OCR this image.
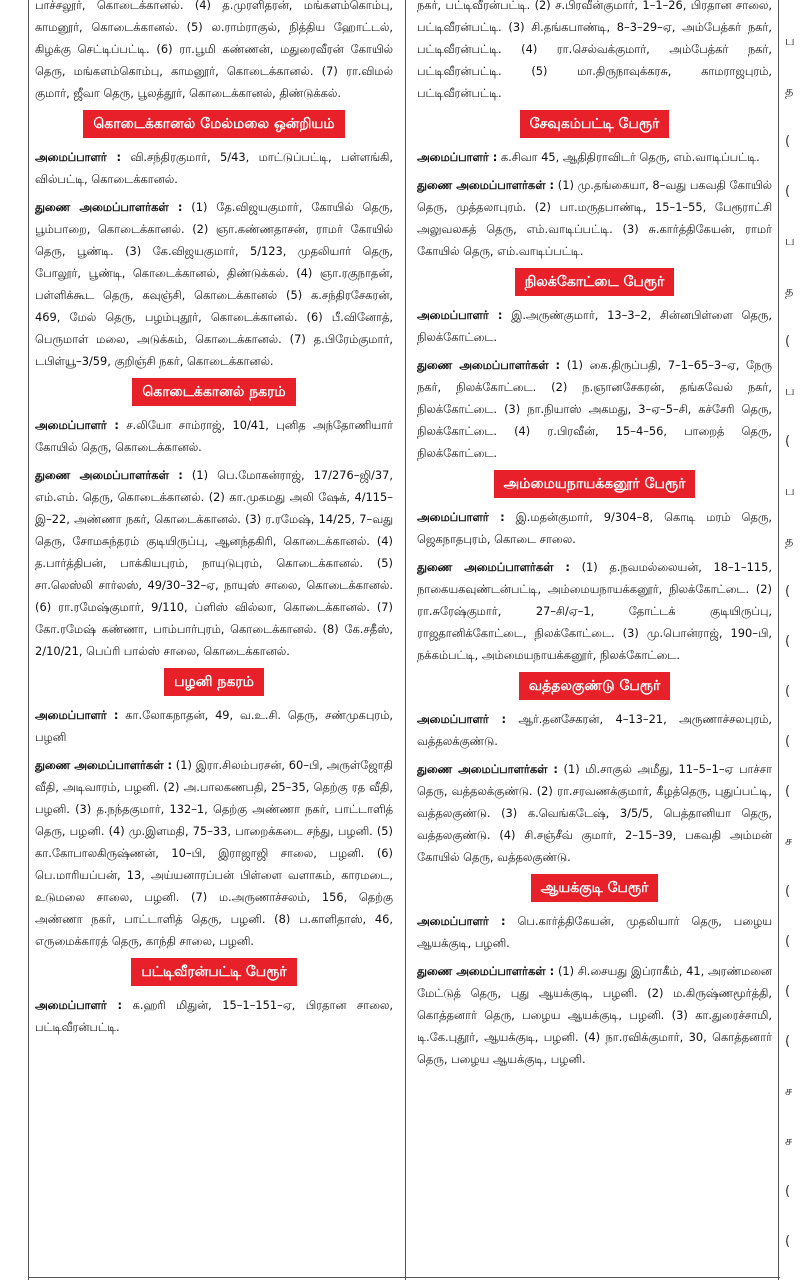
பாச்சலூர், கொடைக்கானல். (4) த.முரளிதரன், மங்களம்கொம்பு, காமனூர், கொடைக்கானல். (5) ல.ராம்ராகுல், நித்திய ஹோட்டல், கிழக்கு செட்டிப்பட்டி. (6) ரா.பூமி கண்ணன், மதுரைவீரன் கோயில் தெரு, மங்களம்கொம்பு, காமனூர், கொடைக்கானல். (7) ரா.விமல் குமார், ஜீவா தெரு, பூலத்தூர், கொடைக்கானல், திண்டுக்கல்.

கொடைக்கானல் மேல்மலை ஒன்றியம்

அமைப்பாளர் : வி.சந்திரகுமார், 5/43, மாட்டுப்பட்டி, பள்ளங்கி, வில்பட்டி, கொடைக்கானல்.

துணை அமைப்பாளர்கள் : (1) தே.விஜயகுமார், கோயில் தெரு, பூம்பாறை, கொடைக்கானல். (2) ஞா.கண்ணதாசன், ராமர் கோயில் தெரு, பூண்டி. (3) கே.விஜயகுமார், 5/123, முதலியார் தெரு, போலூர், பூண்டி, கொடைக்கானல், திண்டுக்கல். (4) ஞா.ரகுநாதன், பள்ளிக்கூட தெரு, கவுஞ்சி, கொடைக்கானல் (5) க.சந்திரசேகரன், 469, மேல் தெரு, பழம்புதூர், கொடைக்கானல். (6) பீ.வினோத், பெருமாள் மலை, அடுக்கம், கொடைக்கானல். (7) த.பிரேம்குமார், டபிள்யூ–3/59, குறிஞ்சி நகர், கொடைக்கானல்.

கொடைக்கானல் நகரம்

அமைப்பாளர் : ச.லியோ சாம்ராஜ், 10/41, புனித அந்தோணியார் கோயில் தெரு, கொடைக்கானல்.

துணை அமைப்பாளர்கள் : (1) பெ.மோகன்ராஜ், 17/276–ஜி/37, எம்.எம். தெரு, கொடைக்கானல். (2) கா.முகமது அலி ஷேக், 4/115–இ–22, அண்ணா நகர், கொடைக்கானல். (3) ர.ரமேஷ், 14/25, 7–வது தெரு, சோமசுந்தரம் குடியிருப்பு, ஆனந்தகிரி, கொடைக்கானல். (4) த.பார்த்திபன், பாக்கியபுரம், நாயுடுபுரம், கொடைக்கானல். (5) சா.லெஸ்லி சார்லஸ், 49/30–32–ஏ, நாயுஸ் சாலை, கொடைக்கானல். (6) ரா.ரமேஷ்குமார், 9/110, ப்ளிஸ் வில்லா, கொடைக்கானல். (7) கோ.ரமேஷ் கண்ணா, பாம்பார்புரம், கொடைக்கானல். (8) கே.சதீஸ், 2/10/21, பெப்ரி பால்ஸ் சாலை, கொடைக்கானல்.

பழனி நகரம்

அமைப்பாளர் : கா.லோகநாதன், 49, வ.உ.சி. தெரு, சண்முகபுரம், பழனி

துணை அமைப்பாளர்கள் : (1) இரா.சிலம்பரசன், 60–பி, அருள்ஜோதி வீதி, அடிவாரம், பழனி. (2) அ.பாலகணபதி, 25–35, தெற்கு ரத வீதி, பழனி. (3) த.நந்தகுமார், 132–1, தெற்கு அண்ணா நகர், பாட்டாளித் தெரு, பழனி. (4) மு.இளமதி, 75–33, பாறைக்கடை சந்து, பழனி. (5) கா.கோபாலகிருஷ்ணன், 10–பி, இராஜாஜி சாலை, பழனி. (6) பெ.மாரியப்பன், 13, அய்யனாரப்பன் பிள்ளை வளாகம், காரமடை, உடுமலை சாலை, பழனி. (7) ம.அருணாச்சலம், 156, தெற்கு அண்ணா நகர், பாட்டாளித் தெரு, பழனி. (8) ப.காளிதாஸ், 46, எருமைக்காரத் தெரு, காந்தி சாலை, பழனி.

பட்டிவீரன்பட்டி பேரூர்

அமைப்பாளர் : க.ஹரி மிதுன், 15–1–151–ஏ, பிரதான சாலை, பட்டிவீரன்பட்டி.

நகர், பட்டிவீரன்பட்டி. (2) ச.பிரவீன்குமார், 1–1–26, பிரதான சாலை, பட்டிவீரன்பட்டி. (3) சி.தங்கபாண்டி, 8–3–29–ஏ, அம்பேத்கர் நகர், பட்டிவீரன்பட்டி. (4) ரா.செல்வக்குமார், அம்பேத்கர் நகர், பட்டிவீரன்பட்டி. (5) மா.திருநாவுக்கரசு, காமராஜபுரம், பட்டிவீரன்பட்டி.

சேவுகம்பட்டி பேரூர்

அமைப்பாளர் : க.சிவா 45, ஆதிதிராவிடர் தெரு, எம்.வாடிப்பட்டி.

துணை அமைப்பாளர்கள் : (1) மு.தங்கையா, 8–வது பகவதி கோயில் தெரு, முத்தலாபுரம். (2) பா.மருதபாண்டி, 15–1–55, பேரூராட்சி அலுவலகத் தெரு, எம்.வாடிப்பட்டி. (3) சு.கார்த்திகேயன், ராமர் கோயில் தெரு, எம்.வாடிப்பட்டி.

நிலக்கோட்டை பேரூர்

அமைப்பாளர் : இ.அருண்குமார், 13–3–2, சின்னபிள்ளை தெரு, நிலக்கோட்டை.

துணை அமைப்பாளர்கள் : (1) கை.திருப்பதி, 7–1–65–3–ஏ, நேரு நகர், நிலக்கோட்டை. (2) ந.ஞானசேகரன், தங்கவேல் நகர், நிலக்கோட்டை. (3) நா.நியாஸ் அகமது, 3–ஏ–5–சி, கச்சேரி தெரு, நிலக்கோட்டை. (4) ர.பிரவீன், 15–4–56, பாறைத் தெரு, நிலக்கோட்டை.

அம்மையநாயக்கனூர் பேரூர்

அமைப்பாளர் : இ.மதன்குமார், 9/304–8, கொடி மரம் தெரு, ஜெகநாதபுரம், கொடை சாலை.

துணை அமைப்பாளர்கள் : (1) த.நவமல்லையன், 18–1–115, நாகையகவுண்டன்பட்டி, அம்மையநாயக்கனூர், நிலக்கோட்டை. (2) ரா.சுரேஷ்குமார், 27–சி/ஏ–1, தோட்டக் குடியிருப்பு, ராஜதானிக்கோட்டை, நிலக்கோட்டை. (3) மு.பொன்ராஜ், 190–பி, நக்கம்பட்டி, அம்மையநாயக்கனூர், நிலக்கோட்டை.

வத்தலகுண்டு பேரூர்

அமைப்பாளர் : ஆர்.தனசேகரன், 4–13–21, அருணாச்சலபுரம், வத்தலக்குண்டு.

துணை அமைப்பாளர்கள் : (1) மி.சாகுல் அமீது, 11–5–1–ஏ பாச்சா தெரு, வத்தலக்குண்டு. (2) ரா.சரவணக்குமார், கீழத்தெரு, புதுப்பட்டி, வத்தலகுண்டு. (3) க.வெங்கடேஷ், 3/5/5, பெத்தானியா தெரு, வத்தலகுண்டு. (4) சி.சஞ்சீவ் குமார், 2–15–39, பகவதி அம்மன் கோயில் தெரு, வத்தலகுண்டு.

ஆயக்குடி பேரூர்

அமைப்பாளர் : பெ.கார்த்திகேயன், முதலியார் தெரு, பழைய ஆயக்குடி, பழனி.

துணை அமைப்பாளர்கள் : (1) சி.சையது இப்ராகீம், 41, அரண்மனை மேட்டுத் தெரு, புது ஆயக்குடி, பழனி. (2) ம.கிருஷ்ணமூர்த்தி, கொத்தனார் தெரு, பழைய ஆயக்குடி, பழனி. (3) கா.துரைச்சாமி, டி.கே.புதூர், ஆயக்குடி, பழனி. (4) நா.ரவிக்குமார், 30, கொத்தனார் தெரு, பழைய ஆயக்குடி, பழனி.

ப
த
(
(
ப
த
(
ப
(
ப
த
(
(
(
(
(
ச
(
(
(
(
ச
ச
(
(
